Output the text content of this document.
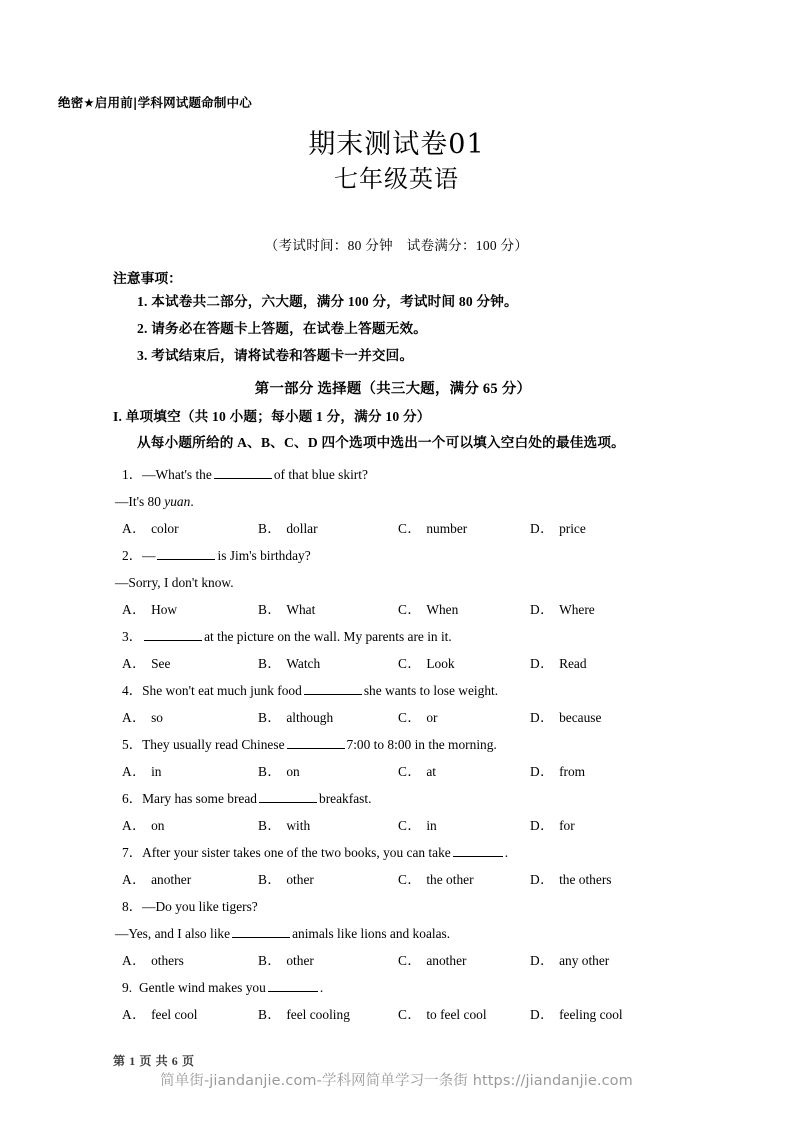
绝密★启用前|学科网试题命制中心
期末测试卷01
七年级英语
（考试时间：80 分钟　试卷满分：100 分）
注意事项：
1. 本试卷共二部分，六大题，满分 100 分，考试时间 80 分钟。
2. 请务必在答题卡上答题，在试卷上答题无效。
3. 考试结束后，请将试卷和答题卡一并交回。
第一部分 选择题（共三大题，满分 65 分）
I. 单项填空（共 10 小题；每小题 1 分，满分 10 分）
从每小题所给的 A、B、C、D 四个选项中选出一个可以填入空白处的最佳选项。
1．—What's the	of that blue skirt?
—It's 80 yuan.
A． color	B． dollar	C． number	D． price
2．—	is Jim's birthday?
—Sorry, I don't know.
A． How	B． What	C． When	D． Where
3．	at the picture on the wall. My parents are in it.
A． See	B． Watch	C． Look	D． Read
4．She won't eat much junk food	she wants to lose weight.
A． so	B． although	C． or	D． because
5．They usually read Chinese	7:00 to 8:00 in the morning.
A． in	B． on	C． at	D． from
6．Mary has some bread	breakfast.
A． on	B． with	C． in	D． for
7．After your sister takes one of the two books, you can take	.
A． another	B． other	C． the other	D． the others
8．—Do you like tigers?
—Yes, and I also like	animals like lions and koalas.
A． others	B． other	C． another	D． any other
9. Gentle wind makes you	.
A． feel cool	B． feel cooling	C． to feel cool	D． feeling cool
第 1 页 共 6 页
简单街-jiandanjie.com-学科网简单学习一条街 https://jiandanjie.com
